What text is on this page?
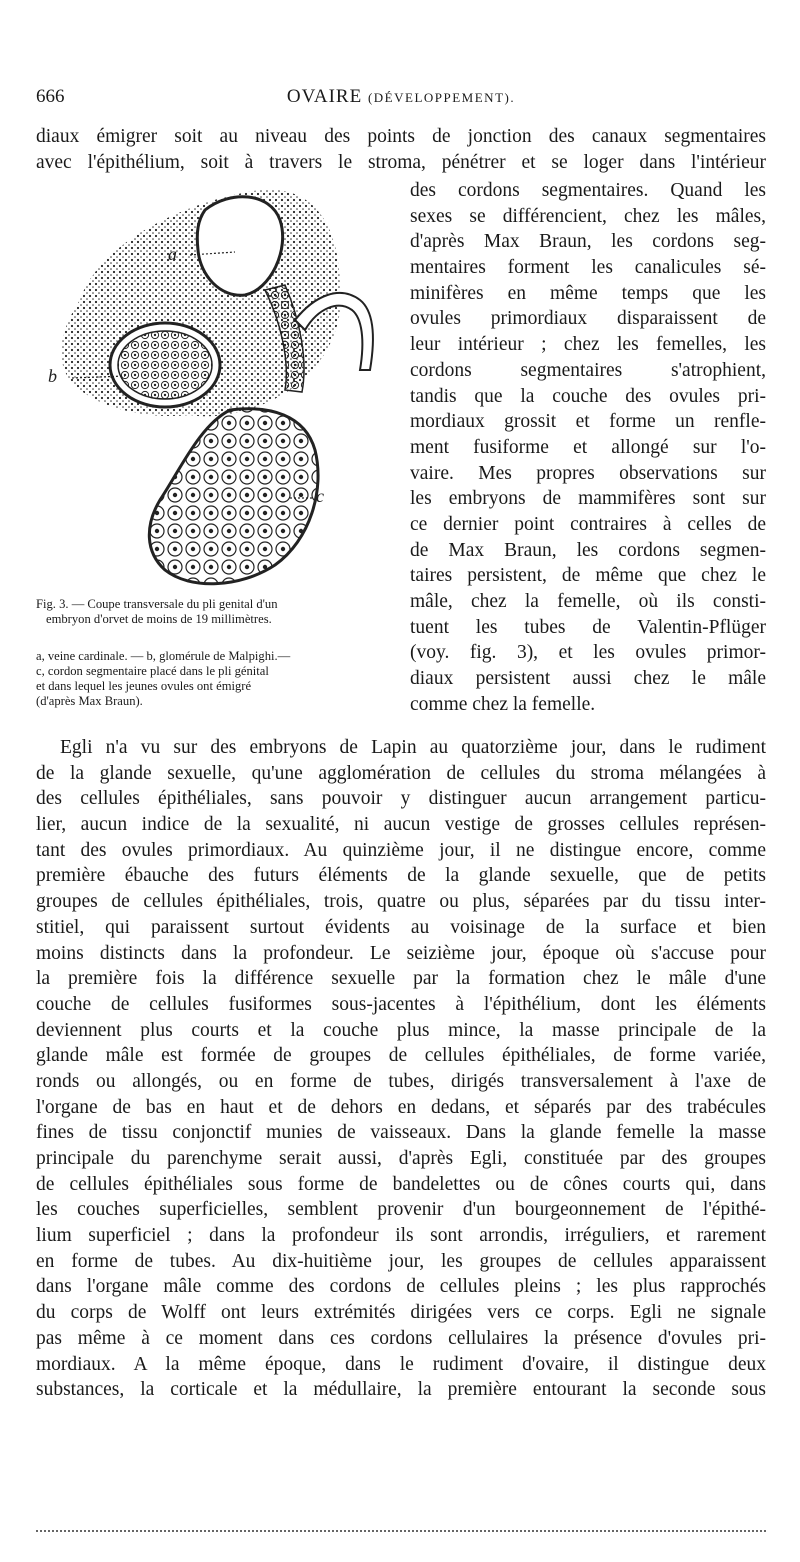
666	OVAIRE (DÉVELOPPEMENT).
diaux émigrer soit au niveau des points de jonction des canaux segmentaires
avec l'épithélium, soit à travers le stroma, pénétrer et se loger dans l'intérieur
a
b
c
Fig. 3. — Coupe transversale du pli genital d'un
embryon d'orvet de moins de 19 millimètres.
a, veine cardinale. — b, glomérule de Malpighi.—
c, cordon segmentaire placé dans le pli génital
et dans lequel les jeunes ovules ont émigré
(d'après Max Braun).
des cordons segmentaires. Quand les
sexes se différencient, chez les mâles,
d'après Max Braun, les cordons seg-
mentaires forment les canalicules sé-
minifères en même temps que les
ovules primordiaux disparaissent de
leur intérieur ; chez les femelles, les
cordons segmentaires s'atrophient,
tandis que la couche des ovules pri-
mordiaux grossit et forme un renfle-
ment fusiforme et allongé sur l'o-
vaire. Mes propres observations sur
les embryons de mammifères sont sur
ce dernier point contraires à celles de
de Max Braun, les cordons segmen-
taires persistent, de même que chez le
mâle, chez la femelle, où ils consti-
tuent les tubes de Valentin-Pflüger
(voy. fig. 3), et les ovules primor-
diaux persistent aussi chez le mâle
comme chez la femelle.
Egli n'a vu sur des embryons de Lapin au quatorzième jour, dans le rudiment
de la glande sexuelle, qu'une agglomération de cellules du stroma mélangées à
des cellules épithéliales, sans pouvoir y distinguer aucun arrangement particu-
lier, aucun indice de la sexualité, ni aucun vestige de grosses cellules représen-
tant des ovules primordiaux. Au quinzième jour, il ne distingue encore, comme
première ébauche des futurs éléments de la glande sexuelle, que de petits
groupes de cellules épithéliales, trois, quatre ou plus, séparées par du tissu inter-
stitiel, qui paraissent surtout évidents au voisinage de la surface et bien
moins distincts dans la profondeur. Le seizième jour, époque où s'accuse pour
la première fois la différence sexuelle par la formation chez le mâle d'une
couche de cellules fusiformes sous-jacentes à l'épithélium, dont les éléments
deviennent plus courts et la couche plus mince, la masse principale de la
glande mâle est formée de groupes de cellules épithéliales, de forme variée,
ronds ou allongés, ou en forme de tubes, dirigés transversalement à l'axe de
l'organe de bas en haut et de dehors en dedans, et séparés par des trabécules
fines de tissu conjonctif munies de vaisseaux. Dans la glande femelle la masse
principale du parenchyme serait aussi, d'après Egli, constituée par des groupes
de cellules épithéliales sous forme de bandelettes ou de cônes courts qui, dans
les couches superficielles, semblent provenir d'un bourgeonnement de l'épithé-
lium superficiel ; dans la profondeur ils sont arrondis, irréguliers, et rarement
en forme de tubes. Au dix-huitième jour, les groupes de cellules apparaissent
dans l'organe mâle comme des cordons de cellules pleins ; les plus rapprochés
du corps de Wolff ont leurs extrémités dirigées vers ce corps. Egli ne signale
pas même à ce moment dans ces cordons cellulaires la présence d'ovules pri-
mordiaux. A la même époque, dans le rudiment d'ovaire, il distingue deux
substances, la corticale et la médullaire, la première entourant la seconde sous
